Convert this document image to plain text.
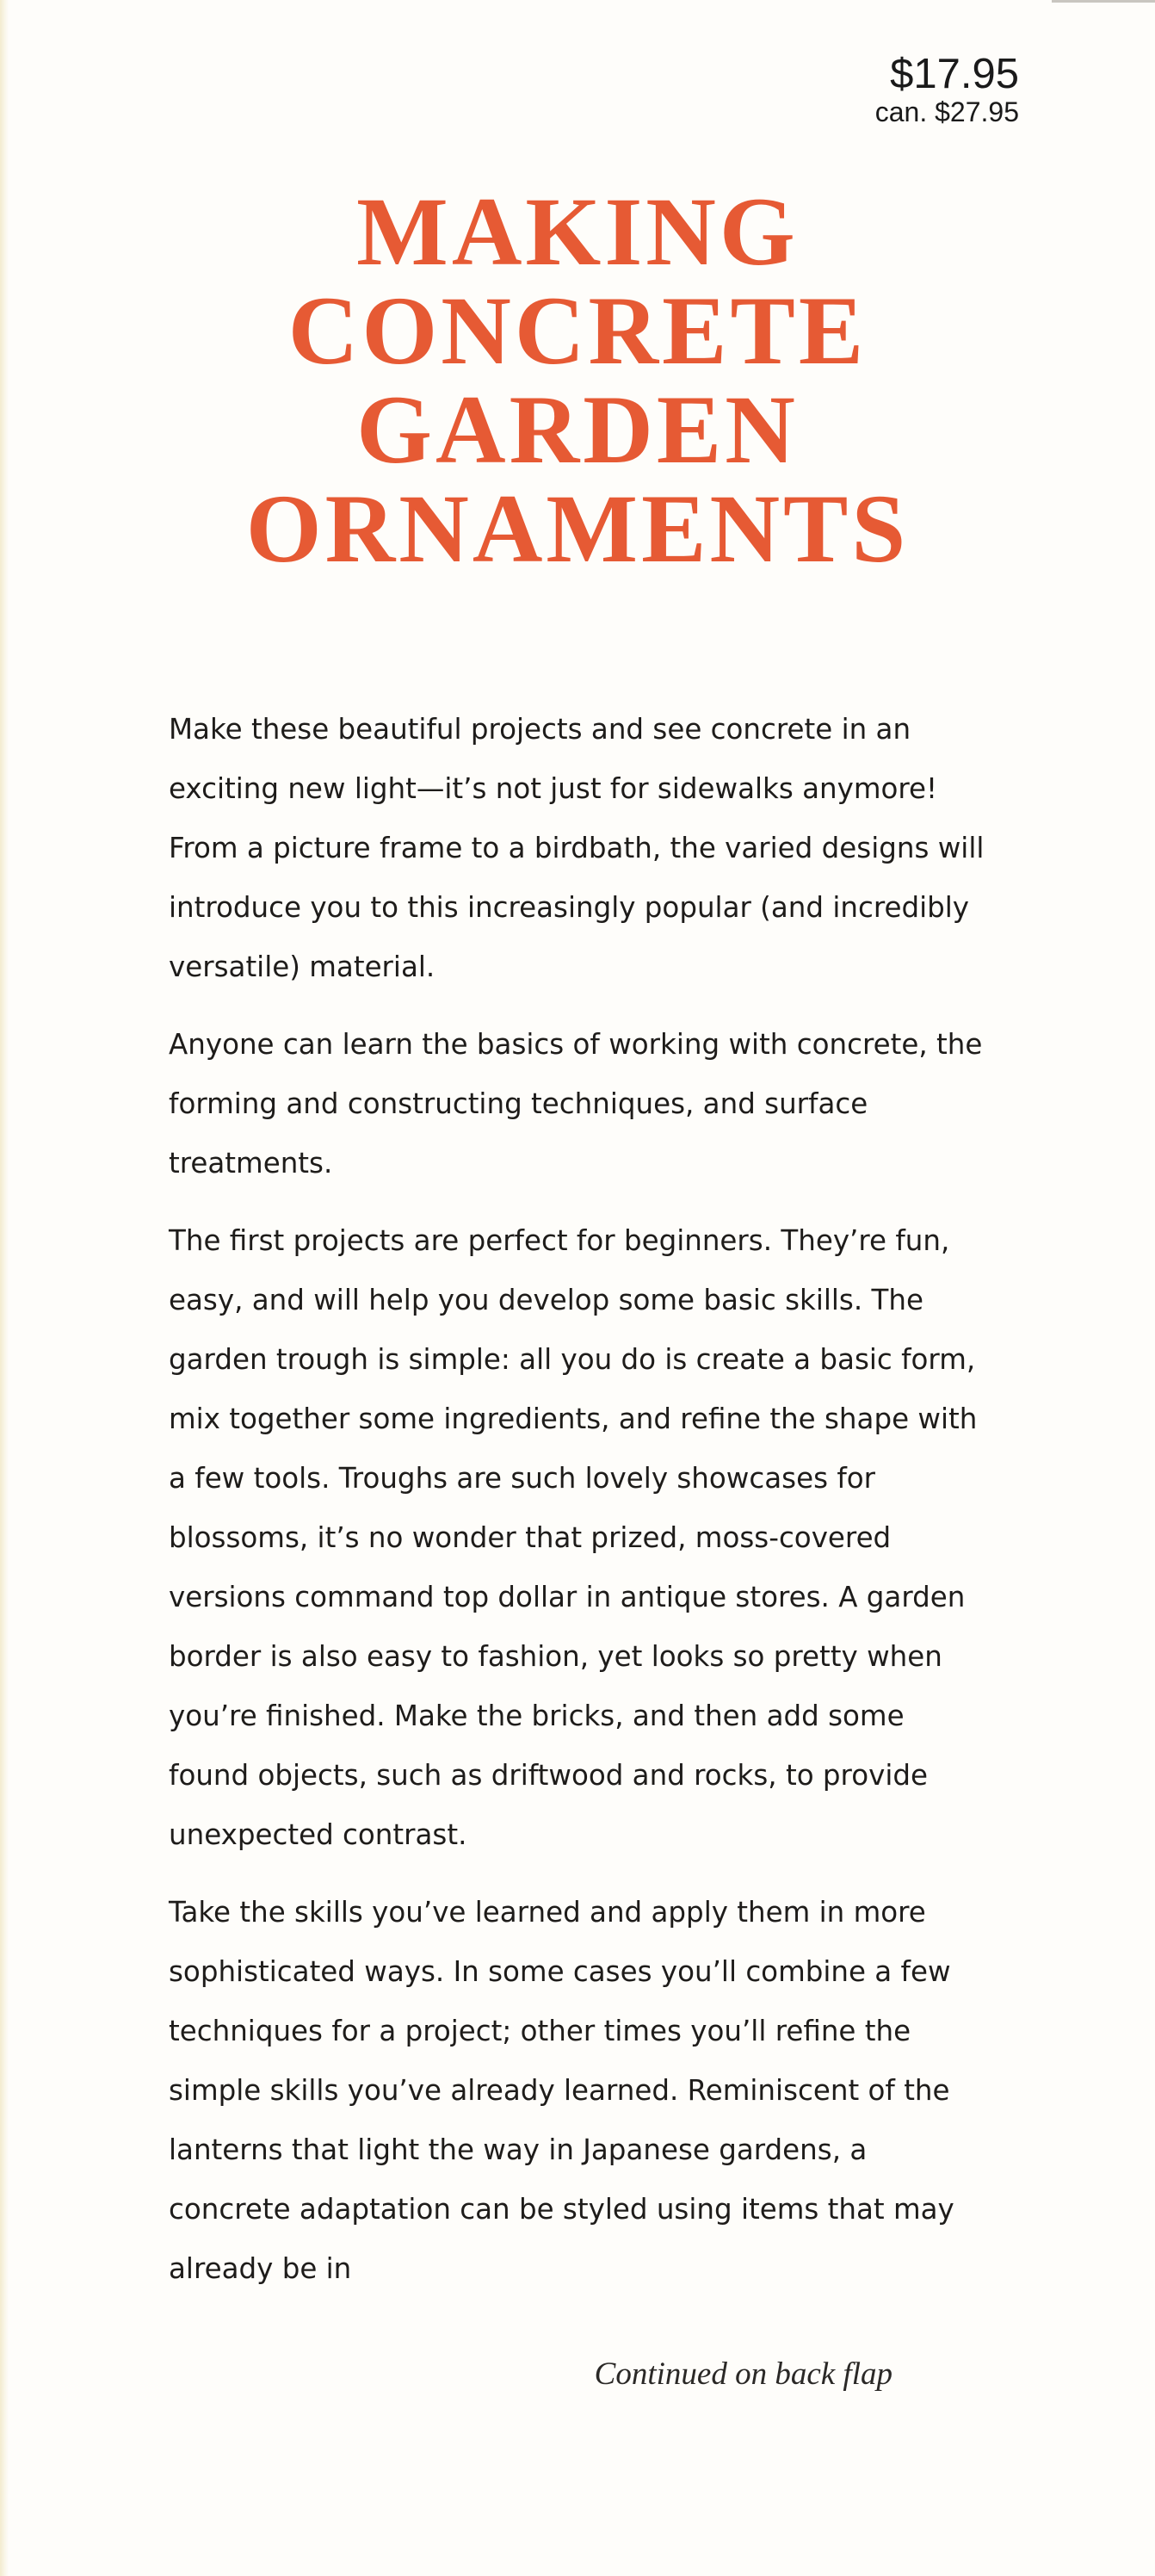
$17.95
can. $27.95
MAKING
CONCRETE
GARDEN
ORNAMENTS

Make these beautiful projects and see concrete in an exciting new light—it’s not just for sidewalks anymore! From a picture frame to a birdbath, the varied designs will introduce you to this increasingly popular (and incredibly versatile) material.

Anyone can learn the basics of working with concrete, the forming and constructing techniques, and surface treatments.

The first projects are perfect for beginners. They’re fun, easy, and will help you develop some basic skills. The garden trough is simple: all you do is create a basic form, mix together some ingredients, and refine the shape with a few tools. Troughs are such lovely showcases for blossoms, it’s no wonder that prized, moss-covered versions command top dollar in antique stores. A garden border is also easy to fashion, yet looks so pretty when you’re finished. Make the bricks, and then add some found objects, such as driftwood and rocks, to provide unexpected contrast.

Take the skills you’ve learned and apply them in more sophisticated ways. In some cases you’ll combine a few techniques for a project; other times you’ll refine the simple skills you’ve already learned. Reminiscent of the lanterns that light the way in Japanese gardens, a concrete adaptation can be styled using items that may already be in

Continued on back flap
